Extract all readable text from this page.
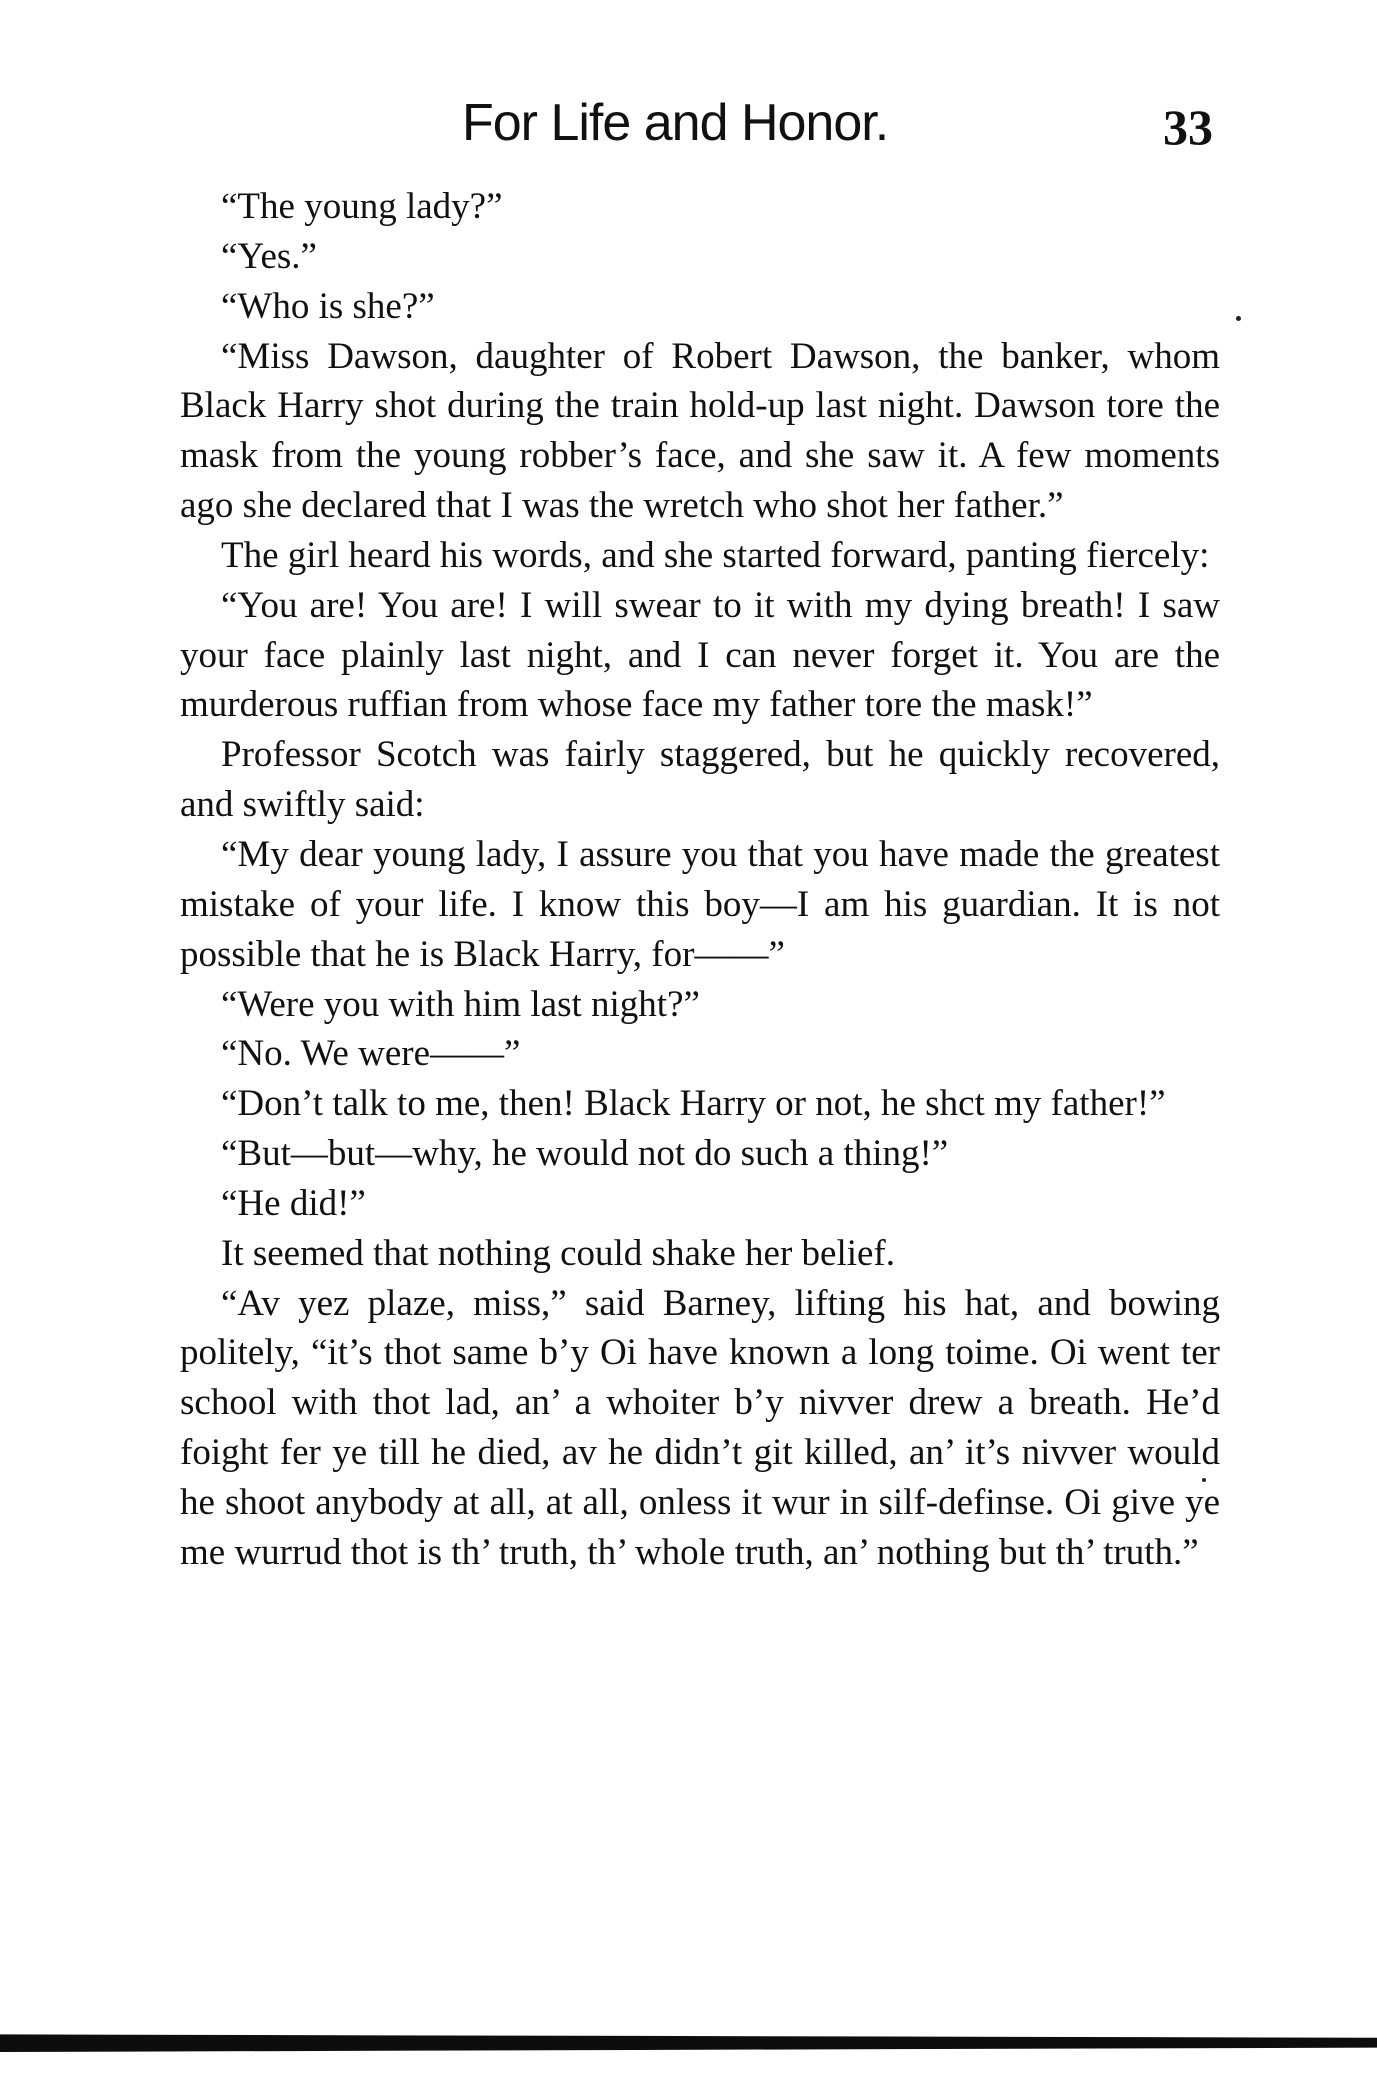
For Life and Honor.	33

“The young lady?”

“Yes.”

“Who is she?”

“Miss Dawson, daughter of Robert Dawson, the banker, whom Black Harry shot during the train hold-up last night. Dawson tore the mask from the young robber’s face, and she saw it. A few moments ago she declared that I was the wretch who shot her father.”

The girl heard his words, and she started forward, panting fiercely:

“You are! You are! I will swear to it with my dying breath! I saw your face plainly last night, and I can never forget it. You are the murderous ruffian from whose face my father tore the mask!”

Professor Scotch was fairly staggered, but he quickly recovered, and swiftly said:

“My dear young lady, I assure you that you have made the greatest mistake of your life. I know this boy—I am his guardian. It is not possible that he is Black Harry, for——”

“Were you with him last night?”

“No. We were——”

“Don’t talk to me, then! Black Harry or not, he shct my father!”

“But—but—why, he would not do such a thing!”

“He did!”

It seemed that nothing could shake her belief.

“Av yez plaze, miss,” said Barney, lifting his hat, and bowing politely, “it’s thot same b’y Oi have known a long toime. Oi went ter school with thot lad, an’ a whoiter b’y nivver drew a breath. He’d foight fer ye till he died, av he didn’t git killed, an’ it’s nivver would he shoot anybody at all, at all, onless it wur in silf-definse. Oi give ye me wurrud thot is th’ truth, th’ whole truth, an’ nothing but th’ truth.”
